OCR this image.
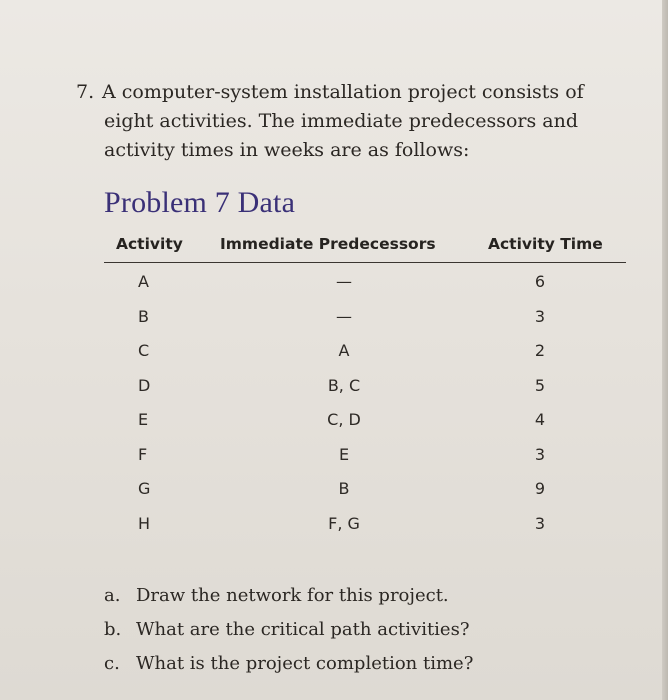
7. A computer-system installation project consists of
eight activities. The immediate predecessors and
activity times in weeks are as follows:
Problem 7 Data
Activity Immediate Predecessors	Activity Time
A	—	6
B	—	3
C	A	2
D	B, C	5
E	C, D	4
F	E	3
G	B	9
H	F, G	3
a. Draw the network for this project.
b. What are the critical path activities?
c. What is the project completion time?
